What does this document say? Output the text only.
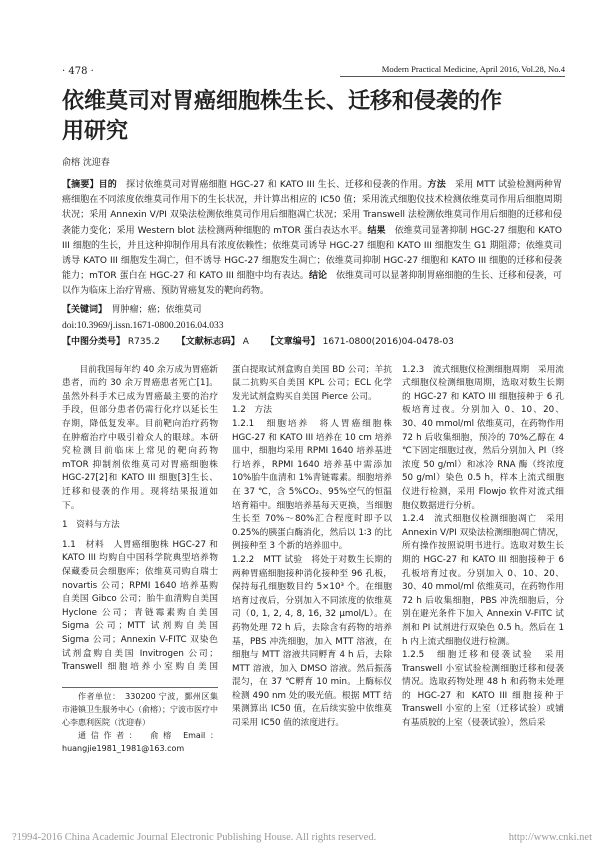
· 478 ·	Modern Practical Medicine, April 2016, Vol.28, No.4
依维莫司对胃癌细胞株生长、迁移和侵袭的作用研究
俞榕 沈迎春
【摘要】目的　 探讨依维莫司对胃癌细胞 HGC-27 和 KATO III 生长、迁移和侵袭的作用。方法　 采用 MTT 试验检测两种胃癌细胞在不同浓度依维莫司作用下的生长状况，并计算出相应的 IC50 值；采用流式细胞仪技术检测依维莫司作用后细胞周期状况；采用 Annexin V/PI 双染法检测依维莫司作用后细胞凋亡状况；采用 Transwell 法检测依维莫司作用后细胞的迁移和侵袭能力变化；采用 Western blot 法检测两种细胞的 mTOR 蛋白表达水平。结果　 依维莫司显著抑制 HGC-27 细胞和 KATO III 细胞的生长，并且这种抑制作用具有浓度依赖性；依维莫司诱导 HGC-27 细胞和 KATO III 细胞发生 G1 期阻滞；依维莫司诱导 KATO III 细胞发生凋亡，但不诱导 HGC-27 细胞发生凋亡；依维莫司抑制 HGC-27 细胞和 KATO III 细胞的迁移和侵袭能力；mTOR 蛋白在 HGC-27 和 KATO III 细胞中均有表达。结论　 依维莫司可以显著抑制胃癌细胞的生长、迁移和侵袭，可以作为临床上治疗胃癌、预防胃癌复发的靶向药物。
【关键词】　 胃肿瘤；癌；依维莫司
doi:10.3969/j.issn.1671-0800.2016.04.033
【中图分类号】 R735.2 【文献标志码】 A 【文章编号】 1671-0800(2016)04-0478-03

目前我国每年约 40 余万成为胃癌新患者，而约 30 余万胃癌患者死亡[1]。虽然外科手术已成为胃癌最主要的治疗手段，但部分患者仍需行化疗以延长生存期，降低复发率。目前靶向治疗药物在肿瘤治疗中吸引着众人的眼球。本研究检测目前临床上常见的靶向药物 mTOR 抑制剂依维莫司对胃癌细胞株 HGC-27[2]和 KATO III 细胞[3]生长、迁移和侵袭的作用。现将结果报道如下。

1　资料与方法

1.1　材料　人胃癌细胞株 HGC-27 和 KATO III 均购自中国科学院典型培养物保藏委员会细胞库；依维莫司购自瑞士 novartis 公司；RPMI 1640 培养基购自美国 Gibco 公司；胎牛血清购自美国 Hyclone 公司；青链霉素购自美国 Sigma 公司；MTT 试剂购自美国 Sigma 公司；Annexin V-FITC 双染色试剂盒购自美国 Invitrogen 公司；Transwell 细胞培养小室购自美国

作者单位：　330200 宁波，鄞州区集市港镇卫生服务中心（俞榕）；宁波市医疗中心李惠利医院（沈迎春）

通信作者：　俞榕 Email：huangjie1981_1981@163.com

蛋白提取试剂盒购自美国 BD 公司；羊抗鼠二抗购买自美国 KPL 公司；ECL 化学发光试剂盒购买自美国 Pierce 公司。

1.2　方法

1.2.1　细胞培养　将人胃癌细胞株 HGC-27 和 KATO III 培养在 10 cm 培养皿中，细胞均采用 RPMI 1640 培养基进行培养，RPMI 1640 培养基中需添加 10%胎牛血清和 1%青链霉素。细胞培养在 37 ℃，含 5%CO₂、95%空气的恒温培育箱中。细胞培养基每天更换，当细胞生长至 70%～80%汇合程度时即予以 0.25%的胰蛋白酶消化，然后以 1∶3 的比例接种至 3 个新的培养皿中。

1.2.2　MTT 试验　将处于对数生长期的两种胃癌细胞接种消化接种至 96 孔板，保持每孔细胞数目约 5×10³ 个。在细胞培育过夜后，分别加入不同浓度的依维莫司（0, 1, 2, 4, 8, 16, 32 μmol/L）。在药物处理 72 h 后，去除含有药物的培养基，PBS 冲洗细胞，加入 MTT 溶液，在细胞与 MTT 溶液共同孵育 4 h 后，去除 MTT 溶液，加入 DMSO 溶液。然后振荡混匀，在 37 ℃孵育 10 min。上酶标仪检测 490 nm 处的吸光值。根据 MTT 结果测算出 IC50 值，在后续实验中依维莫司采用 IC50 值的浓度进行。

1.2.3　流式细胞仪检测细胞周期　采用流式细胞仪检测细胞周期，选取对数生长期的 HGC-27 和 KATO III 细胞接种于 6 孔板培育过夜。分别加入 0、10、20、30、40 mmol/ml 依维莫司，在药物作用 72 h 后收集细胞，预冷的 70%乙醇在 4 ℃下固定细胞过夜，然后分别加入 PI（终浓度 50 g/ml）和冰冷 RNA 酶（终浓度 50 g/ml）染色 0.5 h，样本上流式细胞仪进行检测，采用 Flowjo 软件对流式细胞仪数据进行分析。

1.2.4　流式细胞仪检测细胞凋亡　采用 Annexin V/PI 双染法检测细胞凋亡情况，所有操作按照说明书进行。选取对数生长期的 HGC-27 和 KATO III 细胞接种于 6 孔板培育过夜。分别加入 0、10、20、30、40 mmol/ml 依维莫司，在药物作用 72 h 后收集细胞，PBS 冲洗细胞后，分别在避光条件下加入 Annexin V-FITC 试剂和 PI 试剂进行双染色 0.5 h。然后在 1 h 内上流式细胞仪进行检测。

1.2.5　细胞迁移和侵袭试验　采用 Transwell 小室试验检测细胞迁移和侵袭情况。选取药物处理 48 h 和药物未处理的 HGC-27 和 KATO III 细胞接种于 Transwell 小室的上室（迁移试验）或铺有基质胶的上室（侵袭试验），然后采

?1994-2016 China Academic Journal Electronic Publishing House. All rights reserved.	http://www.cnki.net
